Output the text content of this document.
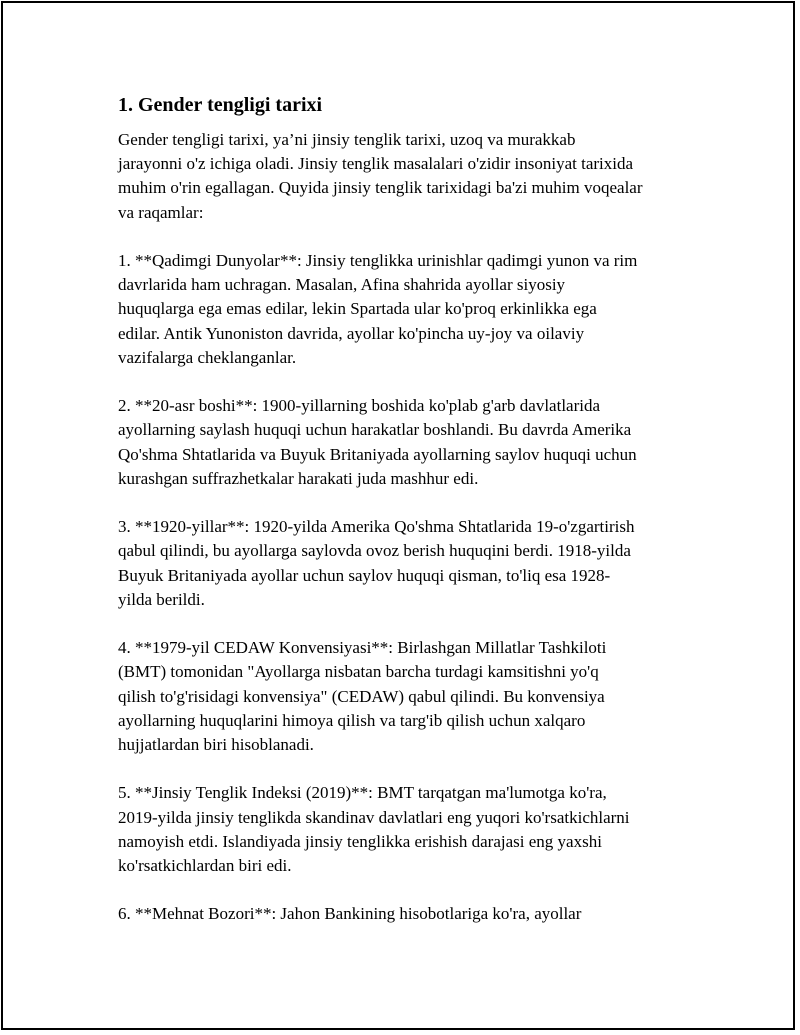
1. Gender tengligi tarixi

Gender tengligi tarixi, ya’ni jinsiy tenglik tarixi, uzoq va murakkab
jarayonni o'z ichiga oladi. Jinsiy tenglik masalalari o'zidir insoniyat tarixida
muhim o'rin egallagan. Quyida jinsiy tenglik tarixidagi ba'zi muhim voqealar
va raqamlar:

1. **Qadimgi Dunyolar**: Jinsiy tenglikka urinishlar qadimgi yunon va rim
davrlarida ham uchragan. Masalan, Afina shahrida ayollar siyosiy
huquqlarga ega emas edilar, lekin Spartada ular ko'proq erkinlikka ega
edilar. Antik Yunoniston davrida, ayollar ko'pincha uy-joy va oilaviy
vazifalarga cheklanganlar.

2. **20-asr boshi**: 1900-yillarning boshida ko'plab g'arb davlatlarida
ayollarning saylash huquqi uchun harakatlar boshlandi. Bu davrda Amerika
Qo'shma Shtatlarida va Buyuk Britaniyada ayollarning saylov huquqi uchun
kurashgan suffrazhetkalar harakati juda mashhur edi.

3. **1920-yillar**: 1920-yilda Amerika Qo'shma Shtatlarida 19-o'zgartirish
qabul qilindi, bu ayollarga saylovda ovoz berish huquqini berdi. 1918-yilda
Buyuk Britaniyada ayollar uchun saylov huquqi qisman, to'liq esa 1928-
yilda berildi.

4. **1979-yil CEDAW Konvensiyasi**: Birlashgan Millatlar Tashkiloti
(BMT) tomonidan "Ayollarga nisbatan barcha turdagi kamsitishni yo'q
qilish to'g'risidagi konvensiya" (CEDAW) qabul qilindi. Bu konvensiya
ayollarning huquqlarini himoya qilish va targ'ib qilish uchun xalqaro
hujjatlardan biri hisoblanadi.

5. **Jinsiy Tenglik Indeksi (2019)**: BMT tarqatgan ma'lumotga ko'ra,
2019-yilda jinsiy tenglikda skandinav davlatlari eng yuqori ko'rsatkichlarni
namoyish etdi. Islandiyada jinsiy tenglikka erishish darajasi eng yaxshi
ko'rsatkichlardan biri edi.

6. **Mehnat Bozori**: Jahon Bankining hisobotlariga ko'ra, ayollar
